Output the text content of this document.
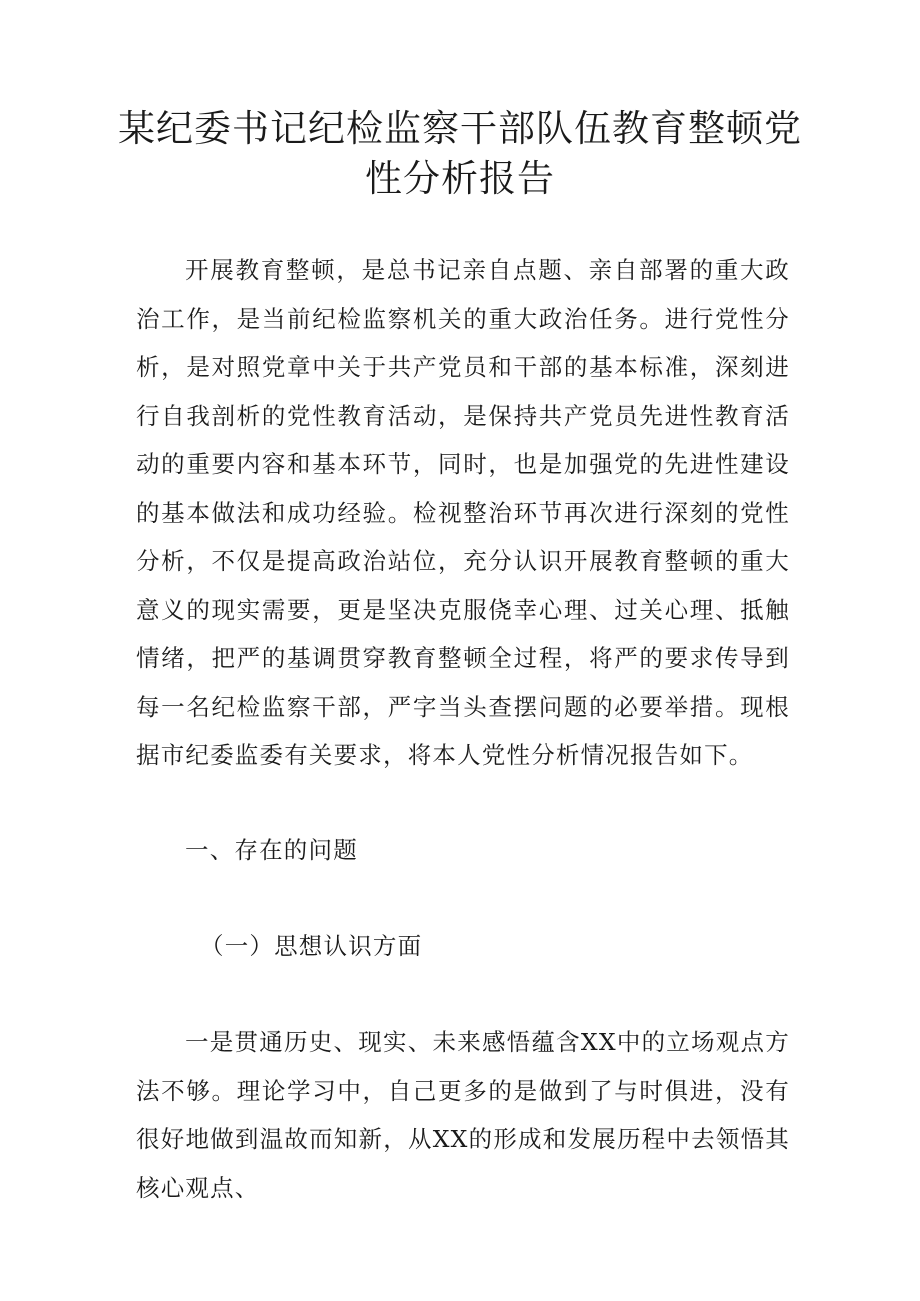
某纪委书记纪检监察干部队伍教育整顿党
性分析报告

开展教育整顿，是总书记亲自点题、亲自部署的重大政治工作，是当前纪检监察机关的重大政治任务。进行党性分析，是对照党章中关于共产党员和干部的基本标准，深刻进行自我剖析的党性教育活动，是保持共产党员先进性教育活动的重要内容和基本环节，同时，也是加强党的先进性建设的基本做法和成功经验。检视整治环节再次进行深刻的党性分析，不仅是提高政治站位，充分认识开展教育整顿的重大意义的现实需要，更是坚决克服侥幸心理、过关心理、抵触情绪，把严的基调贯穿教育整顿全过程，将严的要求传导到每一名纪检监察干部，严字当头查摆问题的必要举措。现根据市纪委监委有关要求，将本人党性分析情况报告如下。

一、存在的问题

（一）思想认识方面

一是贯通历史、现实、未来感悟蕴含XX中的立场观点方法不够。理论学习中，自己更多的是做到了与时俱进，没有很好地做到温故而知新，从XX的形成和发展历程中去领悟其核心观点、
